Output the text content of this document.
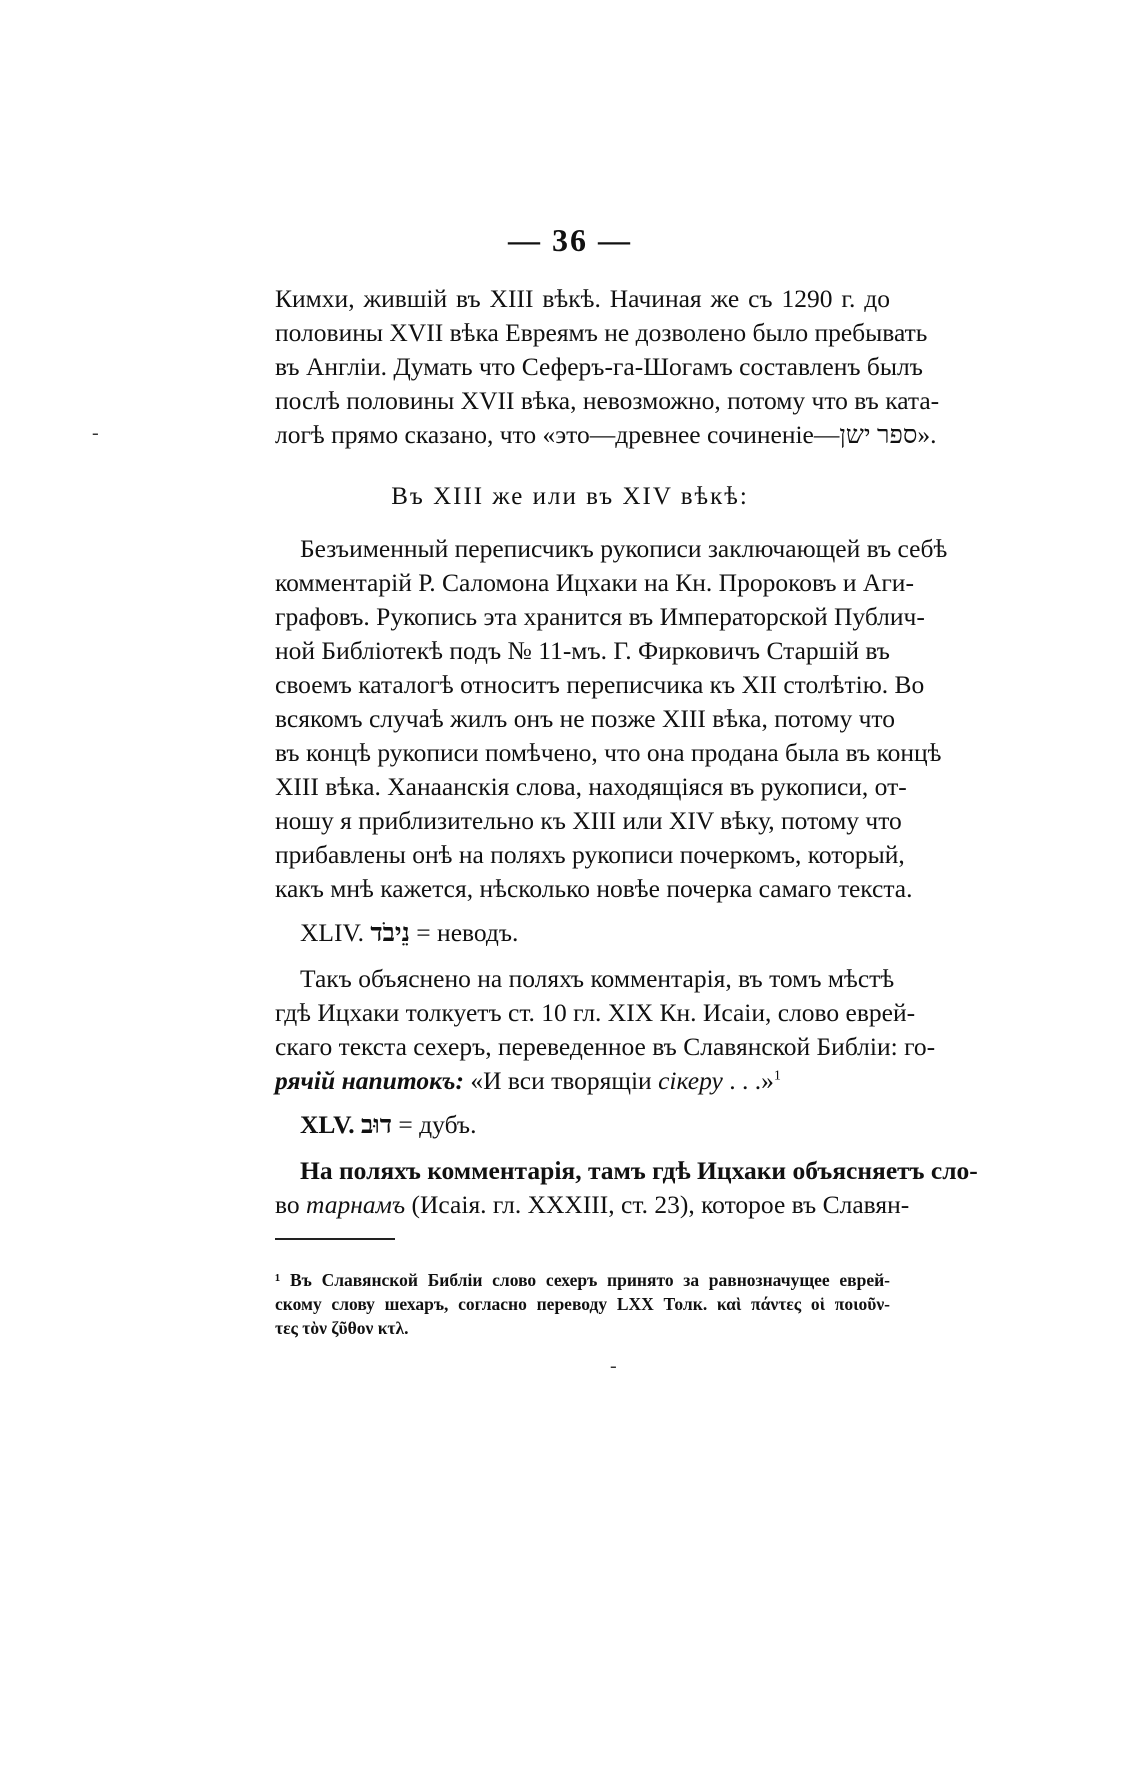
— 36 —
Кимхи, жившій въ XIII вѣкѣ. Начиная же съ 1290 г. до
половины XVII вѣка Евреямъ не дозволено было пребывать
въ Англіи. Думать что Сеферъ-га-Шогамъ составленъ былъ
послѣ половины XVII вѣка, невозможно, потому что въ ката-
логѣ прямо сказано, что «это—древнее сочиненіе—ספר ישן».
Въ XIII же или въ XIV вѣкѣ:
Безъименный переписчикъ рукописи заключающей въ себѣ
комментарій Р. Саломона Ицхаки на Кн. Пророковъ и Аги-
графовъ. Рукопись эта хранится въ Императорской Публич-
ной Библіотекѣ подъ № 11-мъ. Г. Фирковичъ Старшій въ
своемъ каталогѣ относитъ переписчика къ XII столѣтію. Во
всякомъ случаѣ жилъ онъ не позже XIII вѣка, потому что
въ концѣ рукописи помѣчено, что она продана была въ концѣ
XIII вѣка. Ханаанскія слова, находящіяся въ рукописи, от-
ношу я приблизительно къ XIII или XIV вѣку, потому что
прибавлены онѣ на поляхъ рукописи почеркомъ, который,
какъ мнѣ кажется, нѣсколько новѣе почерка самаго текста.
XLIV. נֵיבֹד = неводъ.
Такъ объяснено на поляхъ комментарія, въ томъ мѣстѣ
гдѣ Ицхаки толкуетъ ст. 10 гл. XIX Кн. Исаіи, слово еврей-
скаго текста сехеръ, переведенное въ Славянской Библіи: го-
рячій напитокъ: «И вси творящіи сікеру . . .»$^1$
XLV. דוּב = дубъ.
На поляхъ комментарія, тамъ гдѣ Ицхаки объясняетъ сло-
во тарнамъ (Исаія. гл. XXXIII, ст. 23), которое въ Славян-
¹ Въ Славянской Библіи слово сехеръ принято за равнозначущее еврей-
скому слову шехаръ, согласно переводу LXX Толк. καὶ πάντες οἱ ποιοῦν-
τες τὸν ζῦθον κτλ.
-
-
